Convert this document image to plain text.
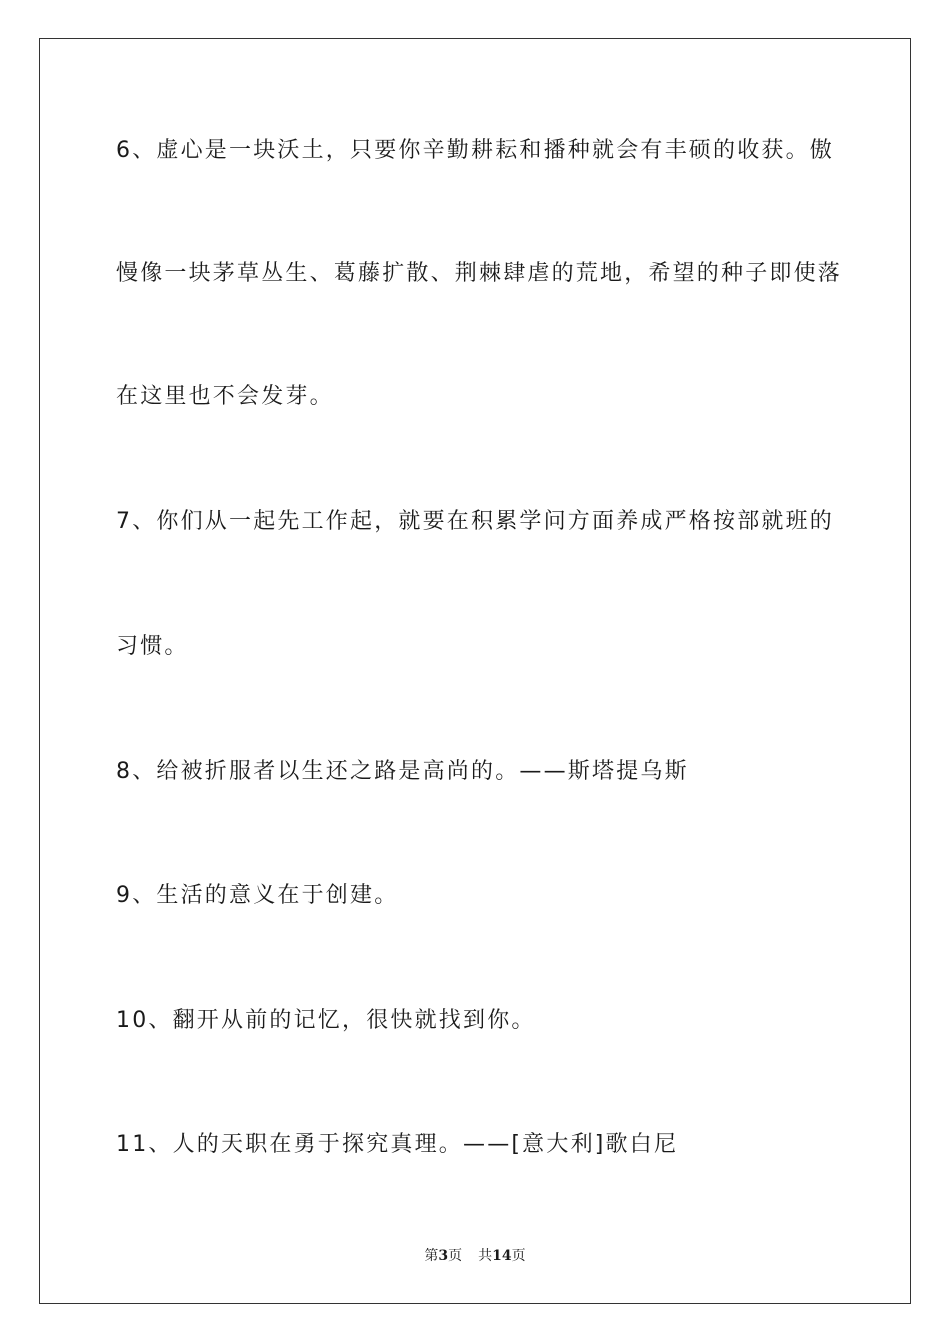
6、虚心是一块沃土，只要你辛勤耕耘和播种就会有丰硕的收获。傲
慢像一块茅草丛生、葛藤扩散、荆棘肆虐的荒地，希望的种子即使落
在这里也不会发芽。
7、你们从一起先工作起，就要在积累学问方面养成严格按部就班的
习惯。
8、给被折服者以生还之路是高尚的。——斯塔提乌斯
9、生活的意义在于创建。
10、翻开从前的记忆，很快就找到你。
11、人的天职在勇于探究真理。——[意大利]歌白尼
第3页 共14页
